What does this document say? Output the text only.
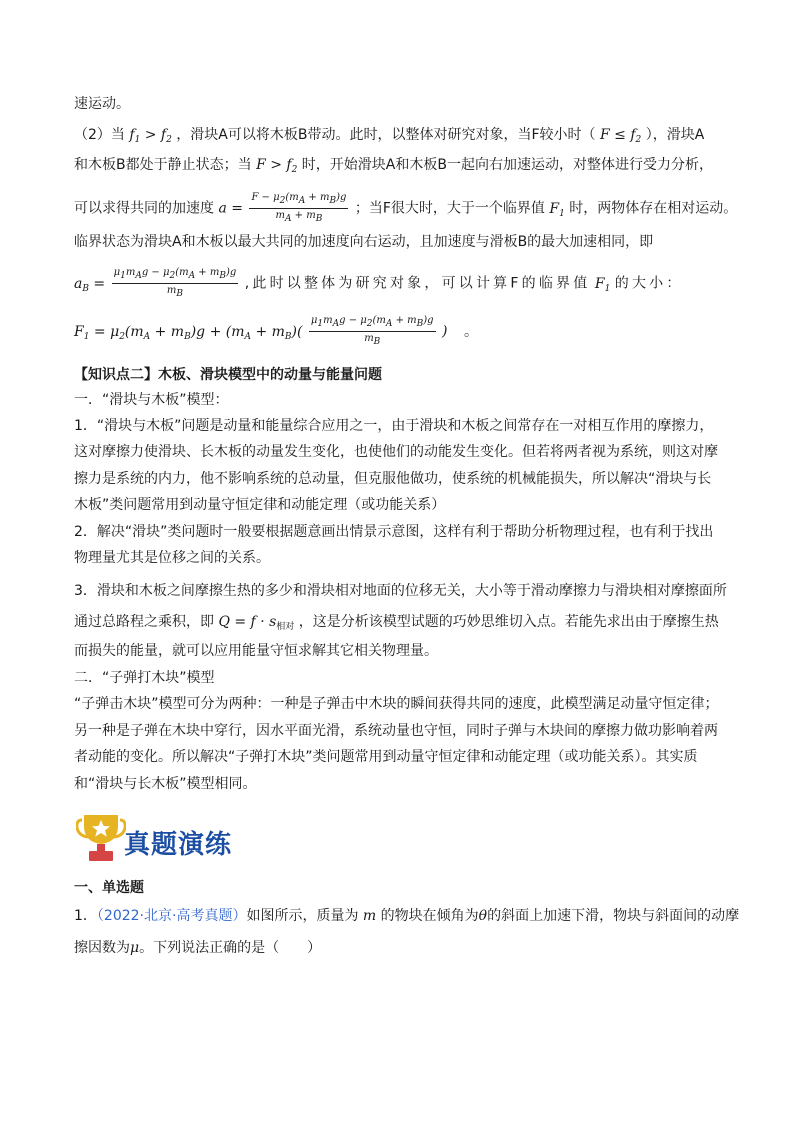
速运动。
（2）当 $f_1 > f_2$ ，滑块A可以将木板B带动。此时，以整体对研究对象，当F较小时（ $F \le f_2$ ），滑块A
和木板B都处于静止状态；当 $F > f_2$ 时，开始滑块A和木板B一起向右加速运动，对整体进行受力分析，
可以求得共同的加速度 $a = \frac{F - \mu 2(mA + mB)g}{mA + mB}$ ；当F很大时，大于一个临界值 $F_1$ 时，两物体存在相对运动。
临界状态为滑块A和木板以最大共同的加速度向右运动，且加速度与滑板B的最大加速相同，即
$a_B = \frac{\text{μ1mAg − μ2(mA + mB)g}}{mB}$ ,此时以整体为研究对象，可以计算F的临界值 $F_1$ 的大小：
$F_1 = \mu_2(m_A + m_B)g + (m_A + m_B)( \frac{\text{μ1mAg − μ2(mA + mB)g}}{mB}$ ) 。
【知识点二】木板、滑块模型中的动量与能量问题
一．“滑块与木板”模型：
1．“滑块与木板”问题是动量和能量综合应用之一，由于滑块和木板之间常存在一对相互作用的摩擦力，
这对摩擦力使滑块、长木板的动量发生变化，也使他们的动能发生变化。但若将两者视为系统，则这对摩
擦力是系统的内力，他不影响系统的总动量，但克服他做功，使系统的机械能损失，所以解决“滑块与长
木板”类问题常用到动量守恒定律和动能定理（或功能关系）
2．解决“滑块”类问题时一般要根据题意画出情景示意图，这样有利于帮助分析物理过程，也有利于找出
物理量尤其是位移之间的关系。
3．滑块和木板之间摩擦生热的多少和滑块相对地面的位移无关，大小等于滑动摩擦力与滑块相对摩擦面所
通过总路程之乘积，即 $Q = f \cdot s_{相对}$ ，这是分析该模型试题的巧妙思维切入点。若能先求出由于摩擦生热
而损失的能量，就可以应用能量守恒求解其它相关物理量。
二．“子弹打木块”模型
“子弹击木块”模型可分为两种：一种是子弹击中木块的瞬间获得共同的速度，此模型满足动量守恒定律；
另一种是子弹在木块中穿行，因水平面光滑，系统动量也守恒，同时子弹与木块间的摩擦力做功影响着两
者动能的变化。所以解决“子弹打木块”类问题常用到动量守恒定律和动能定理（或功能关系）。其实质
和“滑块与长木板”模型相同。
真题演练
一、单选题
1．（2022·北京·高考真题）如图所示，质量为 m 的物块在倾角为θ的斜面上加速下滑，物块与斜面间的动摩
擦因数为μ。下列说法正确的是（　　）
